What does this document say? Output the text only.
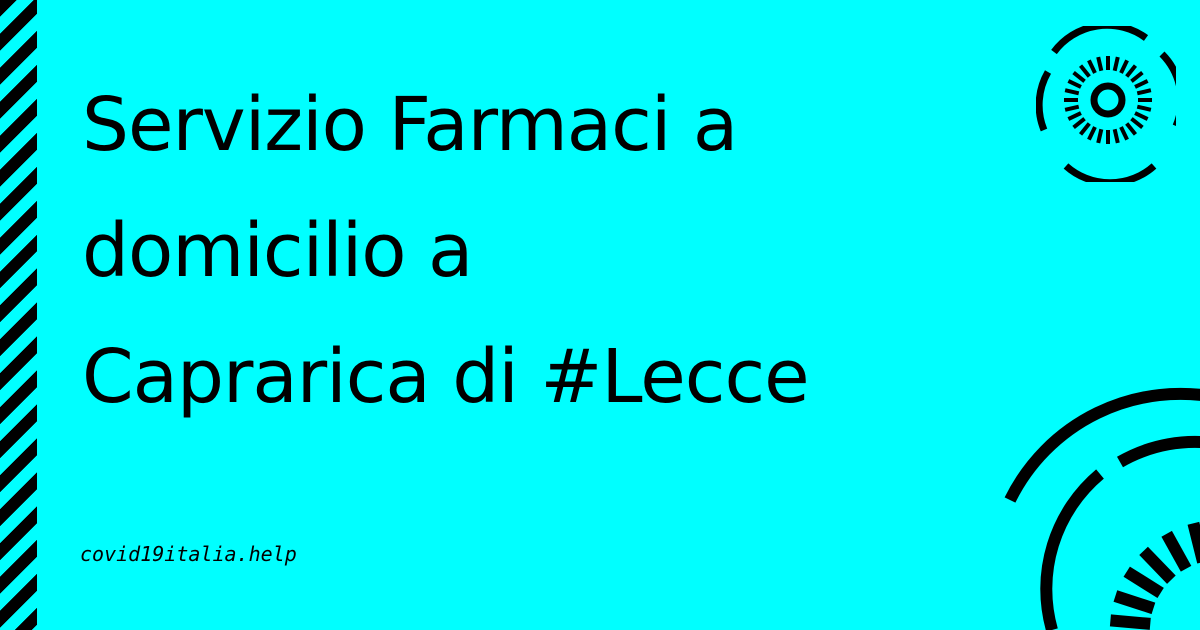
Servizio Farmaci a
domicilio a
Caprarica di #Lecce
covid19italia.help
